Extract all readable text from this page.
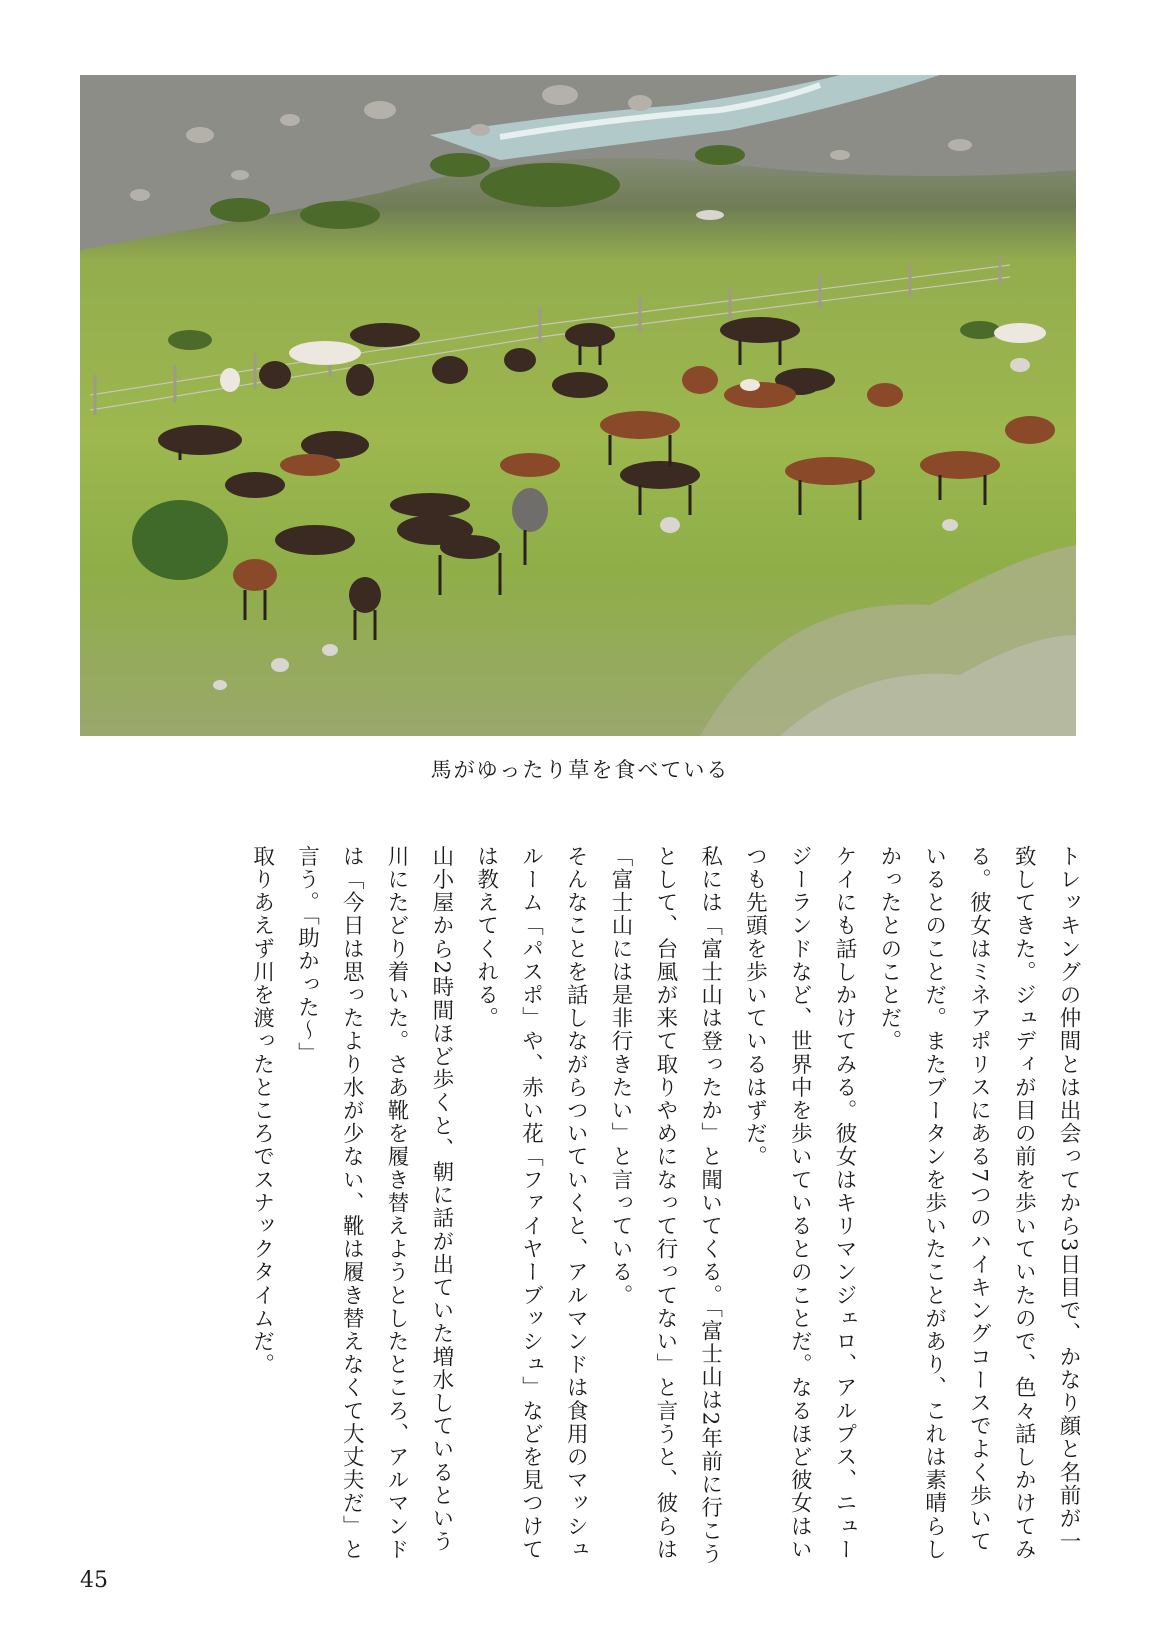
馬がゆったり草を食べている

トレッキングの仲間とは出会ってから3日目で、かなり顔と名前が一致してきた。ジュディが目の前を歩いていたので、色々話しかけてみる。彼女はミネアポリスにある7つのハイキングコースでよく歩いているとのことだ。またブータンを歩いたことがあり、これは素晴らしかったとのことだ。

ケイにも話しかけてみる。彼女はキリマンジェロ、アルプス、ニュージーランドなど、世界中を歩いているとのことだ。なるほど彼女はいつも先頭を歩いているはずだ。

私には「富士山は登ったか」と聞いてくる。「富士山は2年前に行こうとして、台風が来て取りやめになって行ってない」と言うと、彼らは「富士山には是非行きたい」と言っている。

そんなことを話しながらついていくと、アルマンドは食用のマッシュルーム「パスポ」や、赤い花「ファイヤーブッシュ」などを見つけては教えてくれる。

山小屋から2時間ほど歩くと、朝に話が出ていた増水しているという川にたどり着いた。さあ靴を履き替えようとしたところ、アルマンドは「今日は思ったより水が少ない、靴は履き替えなくて大丈夫だ」と言う。「助かった〜」

取りあえず川を渡ったところでスナックタイムだ。

45
